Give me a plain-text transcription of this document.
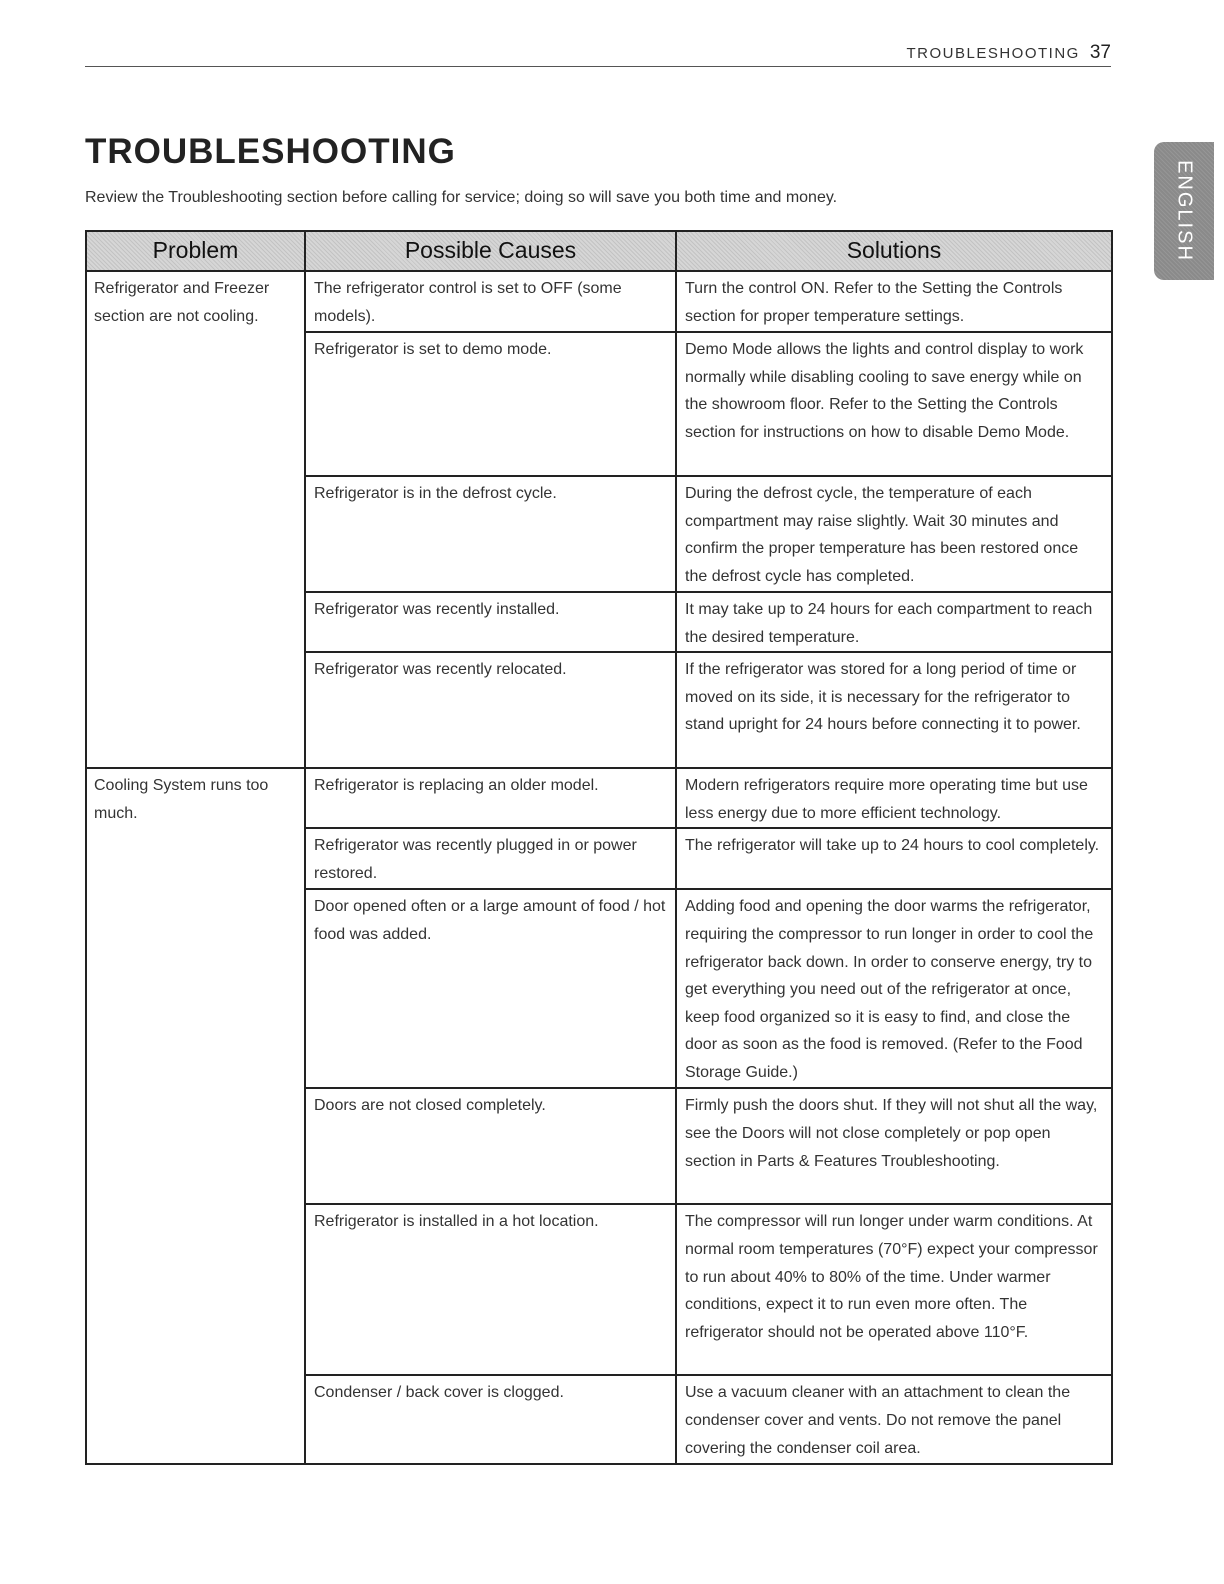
TROUBLESHOOTING 37
ENGLISH
TROUBLESHOOTING

Review the Troubleshooting section before calling for service; doing so will save you both time and money.

Problem	Possible Causes	Solutions
Refrigerator and Freezer section are not cooling.	The refrigerator control is set to OFF (some models).	Turn the control ON. Refer to the Setting the Controls section for proper temperature settings.
	Refrigerator is set to demo mode.	Demo Mode allows the lights and control display to work normally while disabling cooling to save energy while on the showroom floor. Refer to the Setting the Controls section for instructions on how to disable Demo Mode.
	Refrigerator is in the defrost cycle.	During the defrost cycle, the temperature of each compartment may raise slightly. Wait 30 minutes and confirm the proper temperature has been restored once the defrost cycle has completed.
	Refrigerator was recently installed.	It may take up to 24 hours for each compartment to reach the desired temperature.
	Refrigerator was recently relocated.	If the refrigerator was stored for a long period of time or moved on its side, it is necessary for the refrigerator to stand upright for 24 hours before connecting it to power.
Cooling System runs too much.	Refrigerator is replacing an older model.	Modern refrigerators require more operating time but use less energy due to more efficient technology.
	Refrigerator was recently plugged in or power restored.	The refrigerator will take up to 24 hours to cool completely.
	Door opened often or a large amount of food / hot food was added.	Adding food and opening the door warms the refrigerator, requiring the compressor to run longer in order to cool the refrigerator back down. In order to conserve energy, try to get everything you need out of the refrigerator at once, keep food organized so it is easy to find, and close the door as soon as the food is removed. (Refer to the Food Storage Guide.)
	Doors are not closed completely.	Firmly push the doors shut. If they will not shut all the way, see the Doors will not close completely or pop open section in Parts & Features Troubleshooting.
	Refrigerator is installed in a hot location.	The compressor will run longer under warm conditions. At normal room temperatures (70°F) expect your compressor to run about 40% to 80% of the time. Under warmer conditions, expect it to run even more often. The refrigerator should not be operated above 110°F.
	Condenser / back cover is clogged.	Use a vacuum cleaner with an attachment to clean the condenser cover and vents. Do not remove the panel covering the condenser coil area.
